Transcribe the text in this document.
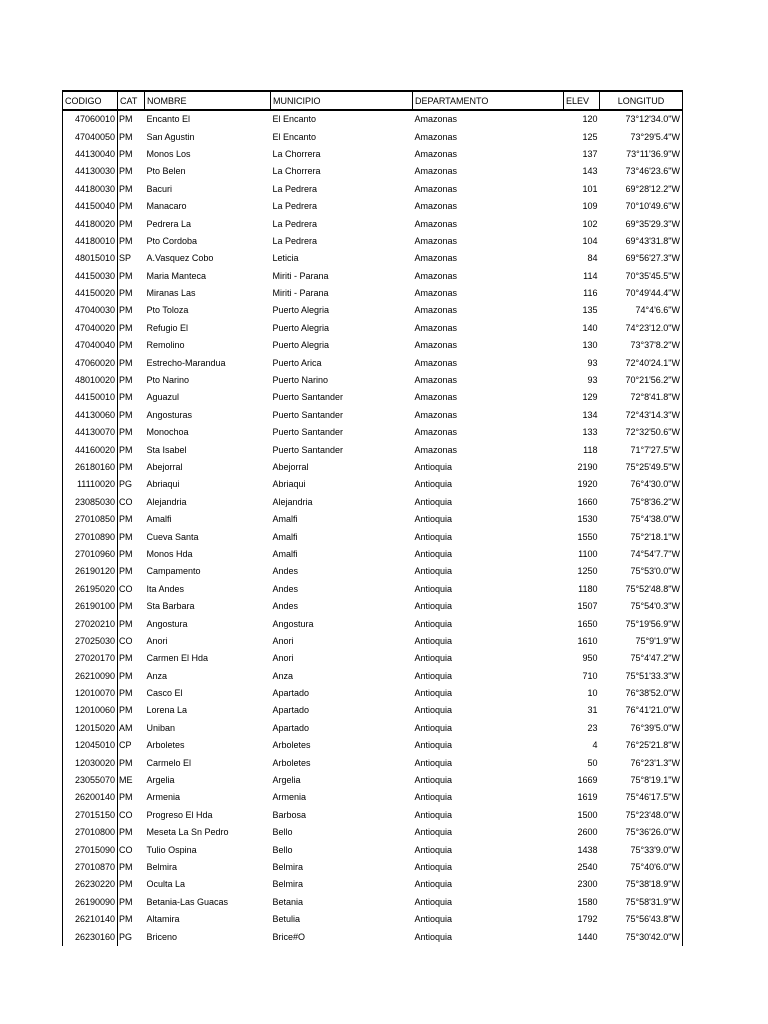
CODIGO	CAT	NOMBRE	MUNICIPIO	DEPARTAMENTO	ELEV	LONGITUD
47060010	PM	Encanto El	El Encanto	Amazonas	120	73°12'34.0"W
47040050	PM	San Agustin	El Encanto	Amazonas	125	73°29'5.4"W
44130040	PM	Monos Los	La Chorrera	Amazonas	137	73°11'36.9"W
44130030	PM	Pto Belen	La Chorrera	Amazonas	143	73°46'23.6"W
44180030	PM	Bacuri	La Pedrera	Amazonas	101	69°28'12.2"W
44150040	PM	Manacaro	La Pedrera	Amazonas	109	70°10'49.6"W
44180020	PM	Pedrera La	La Pedrera	Amazonas	102	69°35'29.3"W
44180010	PM	Pto Cordoba	La Pedrera	Amazonas	104	69°43'31.8"W
48015010	SP	A.Vasquez Cobo	Leticia	Amazonas	84	69°56'27.3"W
44150030	PM	Maria Manteca	Miriti - Parana	Amazonas	114	70°35'45.5"W
44150020	PM	Miranas Las	Miriti - Parana	Amazonas	116	70°49'44.4"W
47040030	PM	Pto Toloza	Puerto Alegria	Amazonas	135	74°4'6.6"W
47040020	PM	Refugio El	Puerto Alegria	Amazonas	140	74°23'12.0"W
47040040	PM	Remolino	Puerto Alegria	Amazonas	130	73°37'8.2"W
47060020	PM	Estrecho-Marandua	Puerto Arica	Amazonas	93	72°40'24.1"W
48010020	PM	Pto Narino	Puerto Narino	Amazonas	93	70°21'56.2"W
44150010	PM	Aguazul	Puerto Santander	Amazonas	129	72°8'41.8"W
44130060	PM	Angosturas	Puerto Santander	Amazonas	134	72°43'14.3"W
44130070	PM	Monochoa	Puerto Santander	Amazonas	133	72°32'50.6"W
44160020	PM	Sta Isabel	Puerto Santander	Amazonas	118	71°7'27.5"W
26180160	PM	Abejorral	Abejorral	Antioquia	2190	75°25'49.5"W
11110020	PG	Abriaqui	Abriaqui	Antioquia	1920	76°4'30.0"W
23085030	CO	Alejandria	Alejandria	Antioquia	1660	75°8'36.2"W
27010850	PM	Amalfi	Amalfi	Antioquia	1530	75°4'38.0"W
27010890	PM	Cueva Santa	Amalfi	Antioquia	1550	75°2'18.1"W
27010960	PM	Monos Hda	Amalfi	Antioquia	1100	74°54'7.7"W
26190120	PM	Campamento	Andes	Antioquia	1250	75°53'0.0"W
26195020	CO	Ita Andes	Andes	Antioquia	1180	75°52'48.8"W
26190100	PM	Sta Barbara	Andes	Antioquia	1507	75°54'0.3"W
27020210	PM	Angostura	Angostura	Antioquia	1650	75°19'56.9"W
27025030	CO	Anori	Anori	Antioquia	1610	75°9'1.9"W
27020170	PM	Carmen El Hda	Anori	Antioquia	950	75°4'47.2"W
26210090	PM	Anza	Anza	Antioquia	710	75°51'33.3"W
12010070	PM	Casco El	Apartado	Antioquia	10	76°38'52.0"W
12010060	PM	Lorena La	Apartado	Antioquia	31	76°41'21.0"W
12015020	AM	Uniban	Apartado	Antioquia	23	76°39'5.0"W
12045010	CP	Arboletes	Arboletes	Antioquia	4	76°25'21.8"W
12030020	PM	Carmelo El	Arboletes	Antioquia	50	76°23'1.3"W
23055070	ME	Argelia	Argelia	Antioquia	1669	75°8'19.1"W
26200140	PM	Armenia	Armenia	Antioquia	1619	75°46'17.5"W
27015150	CO	Progreso El Hda	Barbosa	Antioquia	1500	75°23'48.0"W
27010800	PM	Meseta La Sn Pedro	Bello	Antioquia	2600	75°36'26.0"W
27015090	CO	Tulio Ospina	Bello	Antioquia	1438	75°33'9.0"W
27010870	PM	Belmira	Belmira	Antioquia	2540	75°40'6.0"W
26230220	PM	Oculta La	Belmira	Antioquia	2300	75°38'18.9"W
26190090	PM	Betania-Las Guacas	Betania	Antioquia	1580	75°58'31.9"W
26210140	PM	Altamira	Betulia	Antioquia	1792	75°56'43.8"W
26230160	PG	Briceno	Brice#O	Antioquia	1440	75°30'42.0"W
